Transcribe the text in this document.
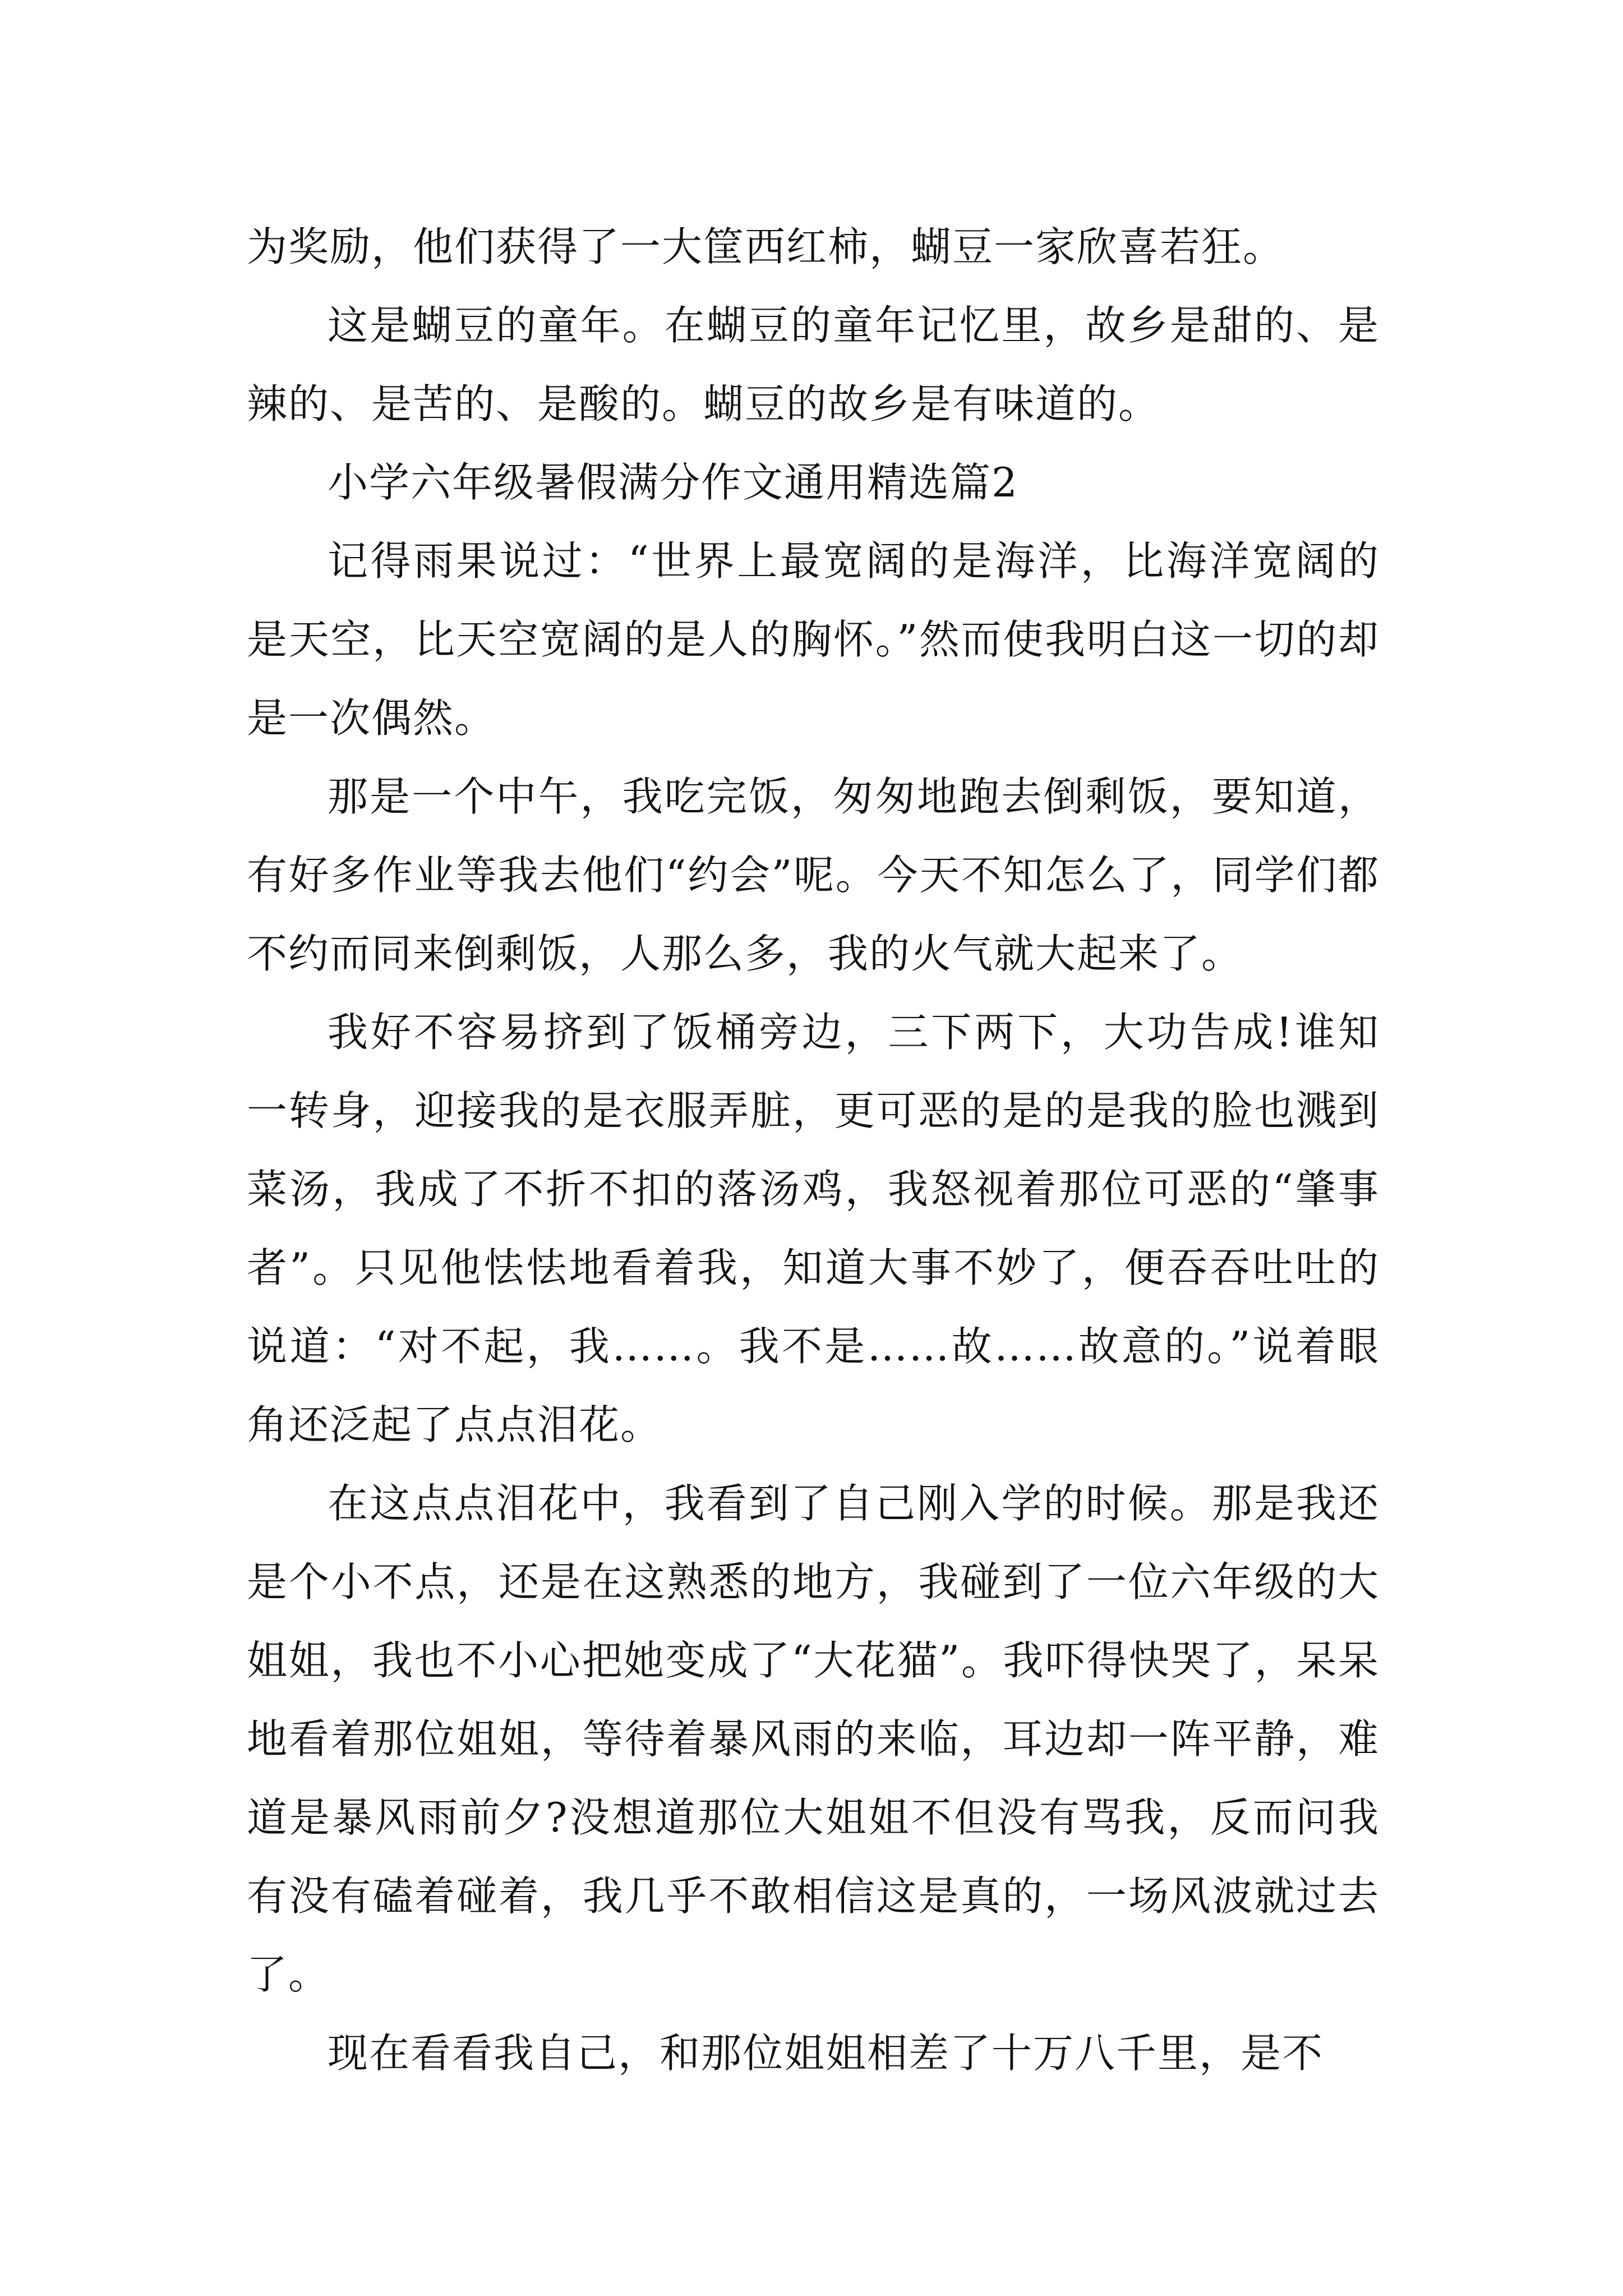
为奖励，他们获得了一大筐西红柿，蝴豆一家欣喜若狂。

这是蝴豆的童年。在蝴豆的童年记忆里，故乡是甜的、是辣的、是苦的、是酸的。蝴豆的故乡是有味道的。

小学六年级暑假满分作文通用精选篇2

记得雨果说过：“世界上最宽阔的是海洋，比海洋宽阔的是天空，比天空宽阔的是人的胸怀。”然而使我明白这一切的却是一次偶然。

那是一个中午，我吃完饭，匆匆地跑去倒剩饭，要知道，有好多作业等我去他们“约会”呢。今天不知怎么了，同学们都不约而同来倒剩饭，人那么多，我的火气就大起来了。

我好不容易挤到了饭桶旁边，三下两下，大功告成!谁知一转身，迎接我的是衣服弄脏，更可恶的是的是我的脸也溅到菜汤，我成了不折不扣的落汤鸡，我怒视着那位可恶的“肇事者”。只见他怯怯地看着我，知道大事不妙了，便吞吞吐吐的说道：“对不起，我……。我不是……故……故意的。”说着眼角还泛起了点点泪花。

在这点点泪花中，我看到了自己刚入学的时候。那是我还是个小不点，还是在这熟悉的地方，我碰到了一位六年级的大姐姐，我也不小心把她变成了“大花猫”。我吓得快哭了，呆呆地看着那位姐姐，等待着暴风雨的来临，耳边却一阵平静，难道是暴风雨前夕?没想道那位大姐姐不但没有骂我，反而问我有没有磕着碰着，我几乎不敢相信这是真的，一场风波就过去了。

现在看看我自己，和那位姐姐相差了十万八千里，是不
